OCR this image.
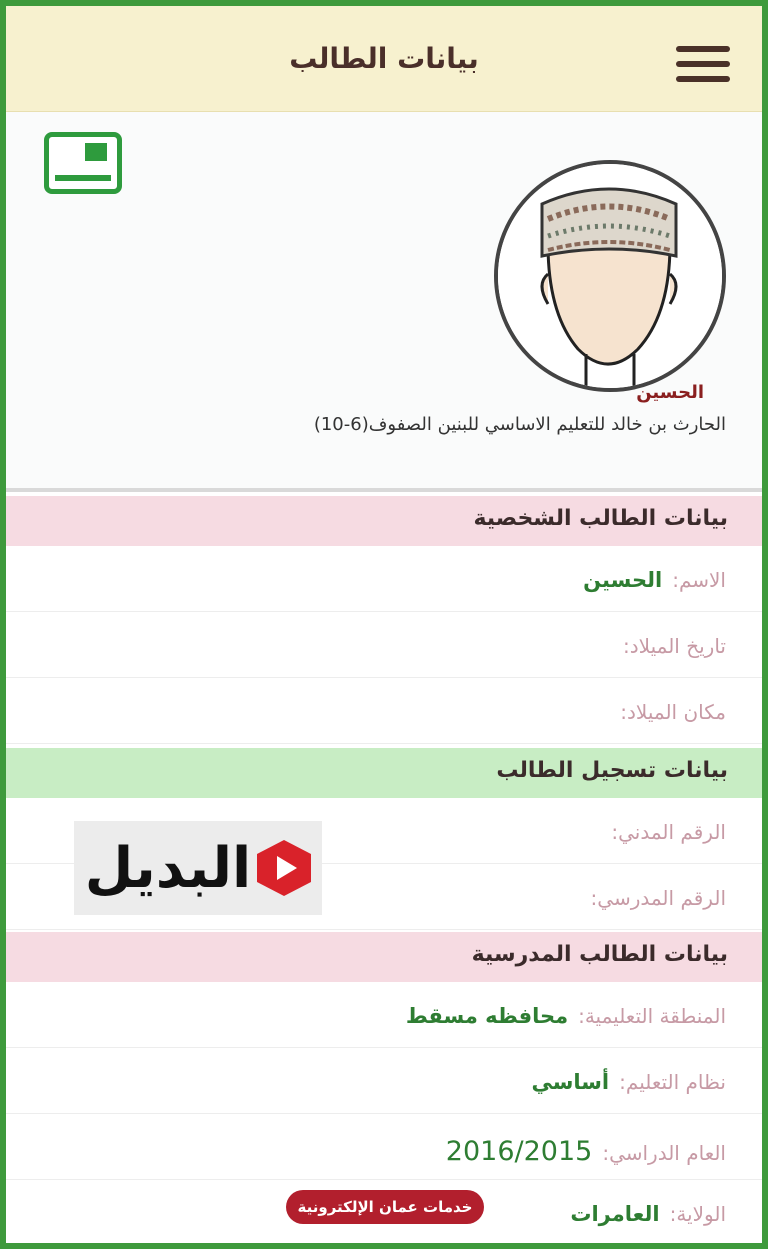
بيانات الطالب
الحسين
الحارث بن خالد للتعليم الاساسي للبنين الصفوف(6-10)
بيانات الطالب الشخصية
الاسم:الحسين
تاريخ الميلاد:
مكان الميلاد:
بيانات تسجيل الطالب
الرقم المدني:
الرقم المدرسي:
بيانات الطالب المدرسية
المنطقة التعليمية:محافظه مسقط
نظام التعليم:أساسي
العام الدراسي:2016/2015
الولاية:العامرات
البديل
خدمات عمان الإلكترونية
